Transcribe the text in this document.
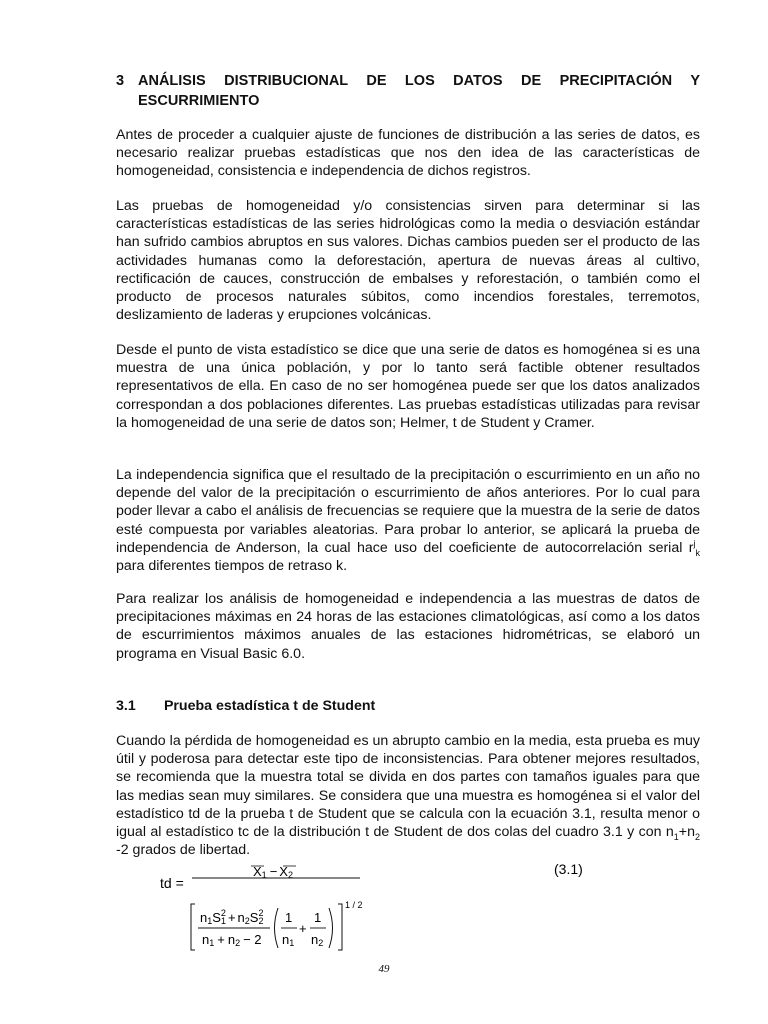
3 ANÁLISIS DISTRIBUCIONAL DE LOS DATOS DE PRECIPITACIÓN Y ESCURRIMIENTO

Antes de proceder a cualquier ajuste de funciones de distribución a las series de datos, es necesario realizar pruebas estadísticas que nos den idea de las características de homogeneidad, consistencia e independencia de dichos registros.

Las pruebas de homogeneidad y/o consistencias sirven para determinar si las características estadísticas de las series hidrológicas como la media o desviación estándar han sufrido cambios abruptos en sus valores. Dichas cambios pueden ser el producto de las actividades humanas como la deforestación, apertura de nuevas áreas al cultivo, rectificación de cauces, construcción de embalses y reforestación, o también como el producto de procesos naturales súbitos, como incendios forestales, terremotos, deslizamiento de laderas y erupciones volcánicas.

Desde el punto de vista estadístico se dice que una serie de datos es homogénea si es una muestra de una única población, y por lo tanto será factible obtener resultados representativos de ella. En caso de no ser homogénea puede ser que los datos analizados correspondan a dos poblaciones diferentes. Las pruebas estadísticas utilizadas para revisar la homogeneidad de una serie de datos son; Helmer, t de Student y Cramer.

La independencia significa que el resultado de la precipitación o escurrimiento en un año no depende del valor de la precipitación o escurrimiento de años anteriores. Por lo cual para poder llevar a cabo el análisis de frecuencias se requiere que la muestra de la serie de datos esté compuesta por variables aleatorias. Para probar lo anterior, se aplicará la prueba de independencia de Anderson, la cual hace uso del coeficiente de autocorrelación serial $r^j_k$ para diferentes tiempos de retraso k.

Para realizar los análisis de homogeneidad e independencia a las muestras de datos de precipitaciones máximas en 24 horas de las estaciones climatológicas, así como a los datos de escurrimientos máximos anuales de las estaciones hidrométricas, se elaboró un programa en Visual Basic 6.0.

3.1 Prueba estadística t de Student

Cuando la pérdida de homogeneidad es un abrupto cambio en la media, esta prueba es muy útil y poderosa para detectar este tipo de inconsistencias. Para obtener mejores resultados, se recomienda que la muestra total se divida en dos partes con tamaños iguales para que las medias sean muy similares. Se considera que una muestra es homogénea si el valor del estadístico td de la prueba t de Student que se calcula con la ecuación 3.1, resulta menor o igual al estadístico tc de la distribución t de Student de dos colas del cuadro 3.1 y con $n_1+n_2$ -2 grados de libertad.

td =
X1 − X2	(3.1)
1 / 2
$n1S^2$ $1 + n2S^2$ 2
n1 + n2 − 2
1
n1
+
1
n2
49
